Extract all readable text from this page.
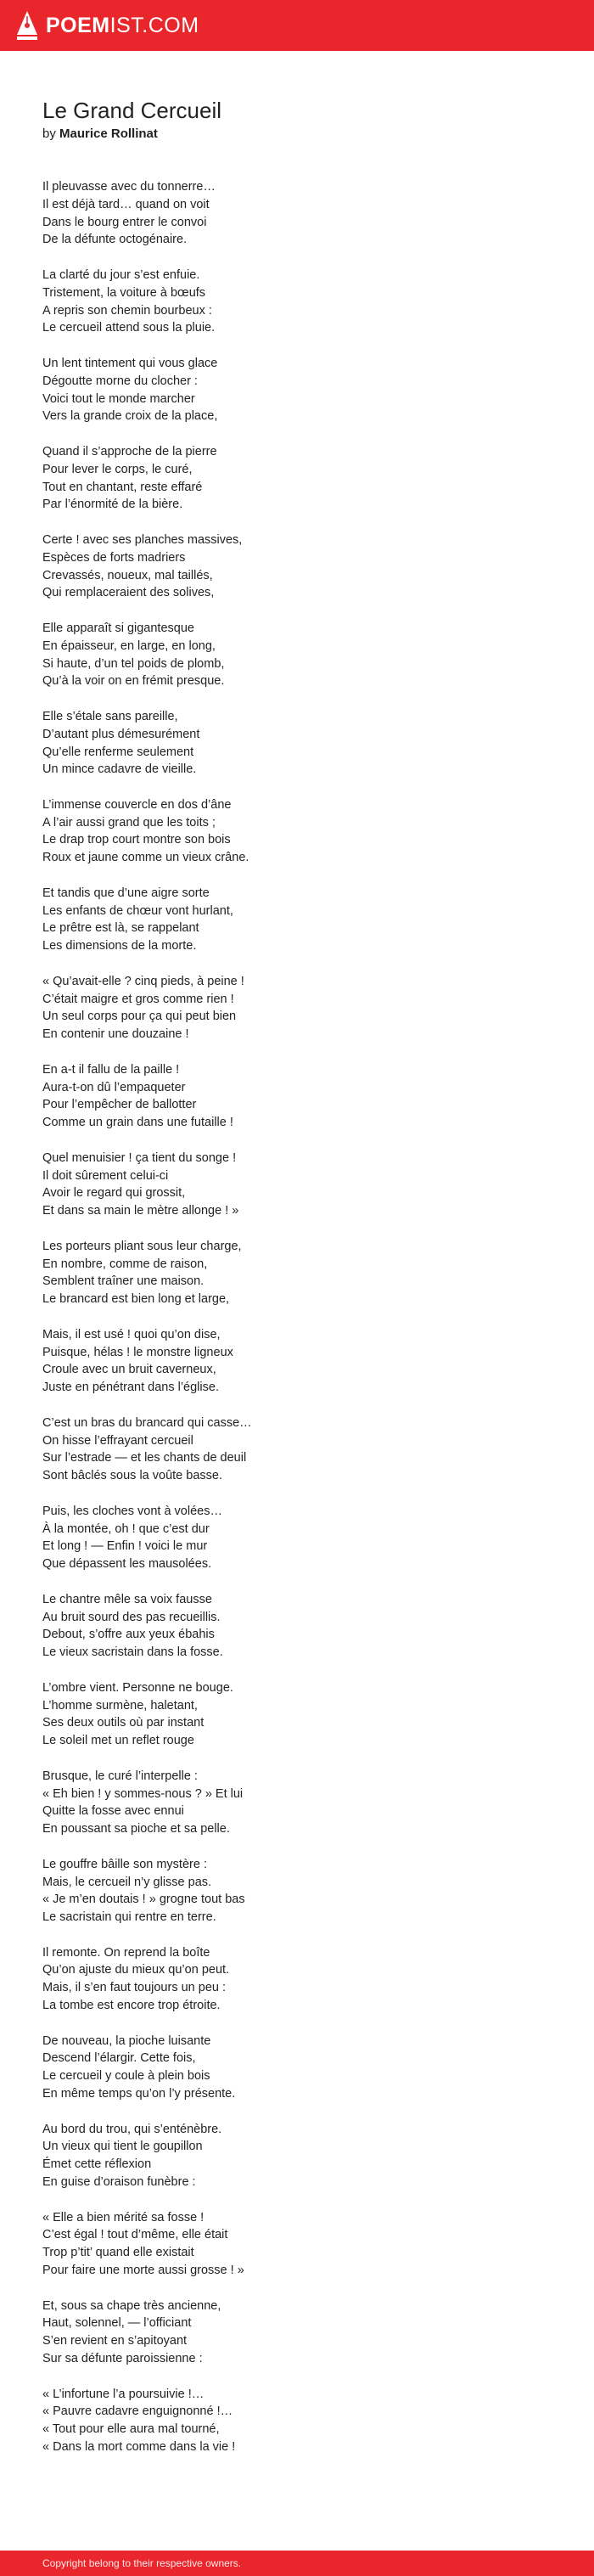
POEMIST.COM
Le Grand Cercueil

by Maurice Rollinat

Il pleuvasse avec du tonnerre…
Il est déjà tard… quand on voit
Dans le bourg entrer le convoi
De la défunte octogénaire.
La clarté du jour s’est enfuie.
Tristement, la voiture à bœufs
A repris son chemin bourbeux :
Le cercueil attend sous la pluie.
Un lent tintement qui vous glace
Dégoutte morne du clocher :
Voici tout le monde marcher
Vers la grande croix de la place,
Quand il s’approche de la pierre
Pour lever le corps, le curé,
Tout en chantant, reste effaré
Par l’énormité de la bière.
Certe ! avec ses planches massives,
Espèces de forts madriers
Crevassés, noueux, mal taillés,
Qui remplaceraient des solives,
Elle apparaît si gigantesque
En épaisseur, en large, en long,
Si haute, d’un tel poids de plomb,
Qu’à la voir on en frémit presque.
Elle s’étale sans pareille,
D’autant plus démesurément
Qu’elle renferme seulement
Un mince cadavre de vieille.
L’immense couvercle en dos d’âne
A l’air aussi grand que les toits ;
Le drap trop court montre son bois
Roux et jaune comme un vieux crâne.
Et tandis que d’une aigre sorte
Les enfants de chœur vont hurlant,
Le prêtre est là, se rappelant
Les dimensions de la morte.
« Qu’avait-elle ? cinq pieds, à peine !
C’était maigre et gros comme rien !
Un seul corps pour ça qui peut bien
En contenir une douzaine !
En a-t il fallu de la paille !
Aura-t-on dû l’empaqueter
Pour l’empêcher de ballotter
Comme un grain dans une futaille !
Quel menuisier ! ça tient du songe !
Il doit sûrement celui-ci
Avoir le regard qui grossit,
Et dans sa main le mètre allonge ! »
Les porteurs pliant sous leur charge,
En nombre, comme de raison,
Semblent traîner une maison.
Le brancard est bien long et large,
Mais, il est usé ! quoi qu’on dise,
Puisque, hélas ! le monstre ligneux
Croule avec un bruit caverneux,
Juste en pénétrant dans l’église.
C’est un bras du brancard qui casse…
On hisse l’effrayant cercueil
Sur l’estrade — et les chants de deuil
Sont bâclés sous la voûte basse.
Puis, les cloches vont à volées…
À la montée, oh ! que c’est dur
Et long ! — Enfin ! voici le mur
Que dépassent les mausolées.
Le chantre mêle sa voix fausse
Au bruit sourd des pas recueillis.
Debout, s’offre aux yeux ébahis
Le vieux sacristain dans la fosse.
L’ombre vient. Personne ne bouge.
L’homme surmène, haletant,
Ses deux outils où par instant
Le soleil met un reflet rouge
Brusque, le curé l’interpelle :
« Eh bien ! y sommes-nous ? » Et lui
Quitte la fosse avec ennui
En poussant sa pioche et sa pelle.
Le gouffre bâille son mystère :
Mais, le cercueil n’y glisse pas.
« Je m’en doutais ! » grogne tout bas
Le sacristain qui rentre en terre.
Il remonte. On reprend la boîte
Qu’on ajuste du mieux qu’on peut.
Mais, il s’en faut toujours un peu :
La tombe est encore trop étroite.
De nouveau, la pioche luisante
Descend l’élargir. Cette fois,
Le cercueil y coule à plein bois
En même temps qu’on l’y présente.
Au bord du trou, qui s’enténèbre.
Un vieux qui tient le goupillon
Émet cette réflexion
En guise d’oraison funèbre :
« Elle a bien mérité sa fosse !
C’est égal ! tout d’même, elle était
Trop p’tit’ quand elle existait
Pour faire une morte aussi grosse ! »
Et, sous sa chape très ancienne,
Haut, solennel, — l’officiant
S’en revient en s’apitoyant
Sur sa défunte paroissienne :
« L’infortune l’a poursuivie !…
« Pauvre cadavre enguignonné !…
« Tout pour elle aura mal tourné,
« Dans la mort comme dans la vie !
Copyright belong to their respective owners.
